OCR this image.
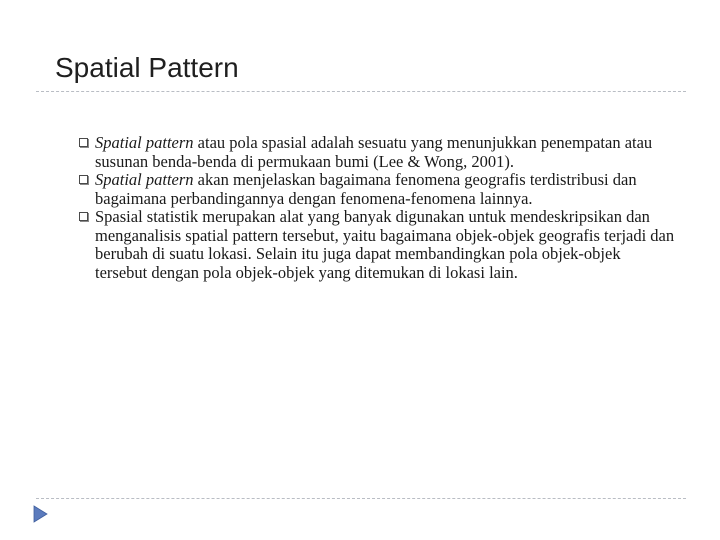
Spatial Pattern
Spatial pattern atau pola spasial adalah sesuatu yang menunjukkan penempatan atau susunan benda-benda di permukaan bumi (Lee & Wong, 2001).
Spatial pattern akan menjelaskan bagaimana fenomena geografis terdistribusi dan bagaimana perbandingannya dengan fenomena-fenomena lainnya.
Spasial statistik merupakan alat yang banyak digunakan untuk mendeskripsikan dan menganalisis spatial pattern tersebut, yaitu bagaimana objek-objek geografis terjadi dan berubah di suatu lokasi. Selain itu juga dapat membandingkan pola objek-objek tersebut dengan pola objek-objek yang ditemukan di lokasi lain.
